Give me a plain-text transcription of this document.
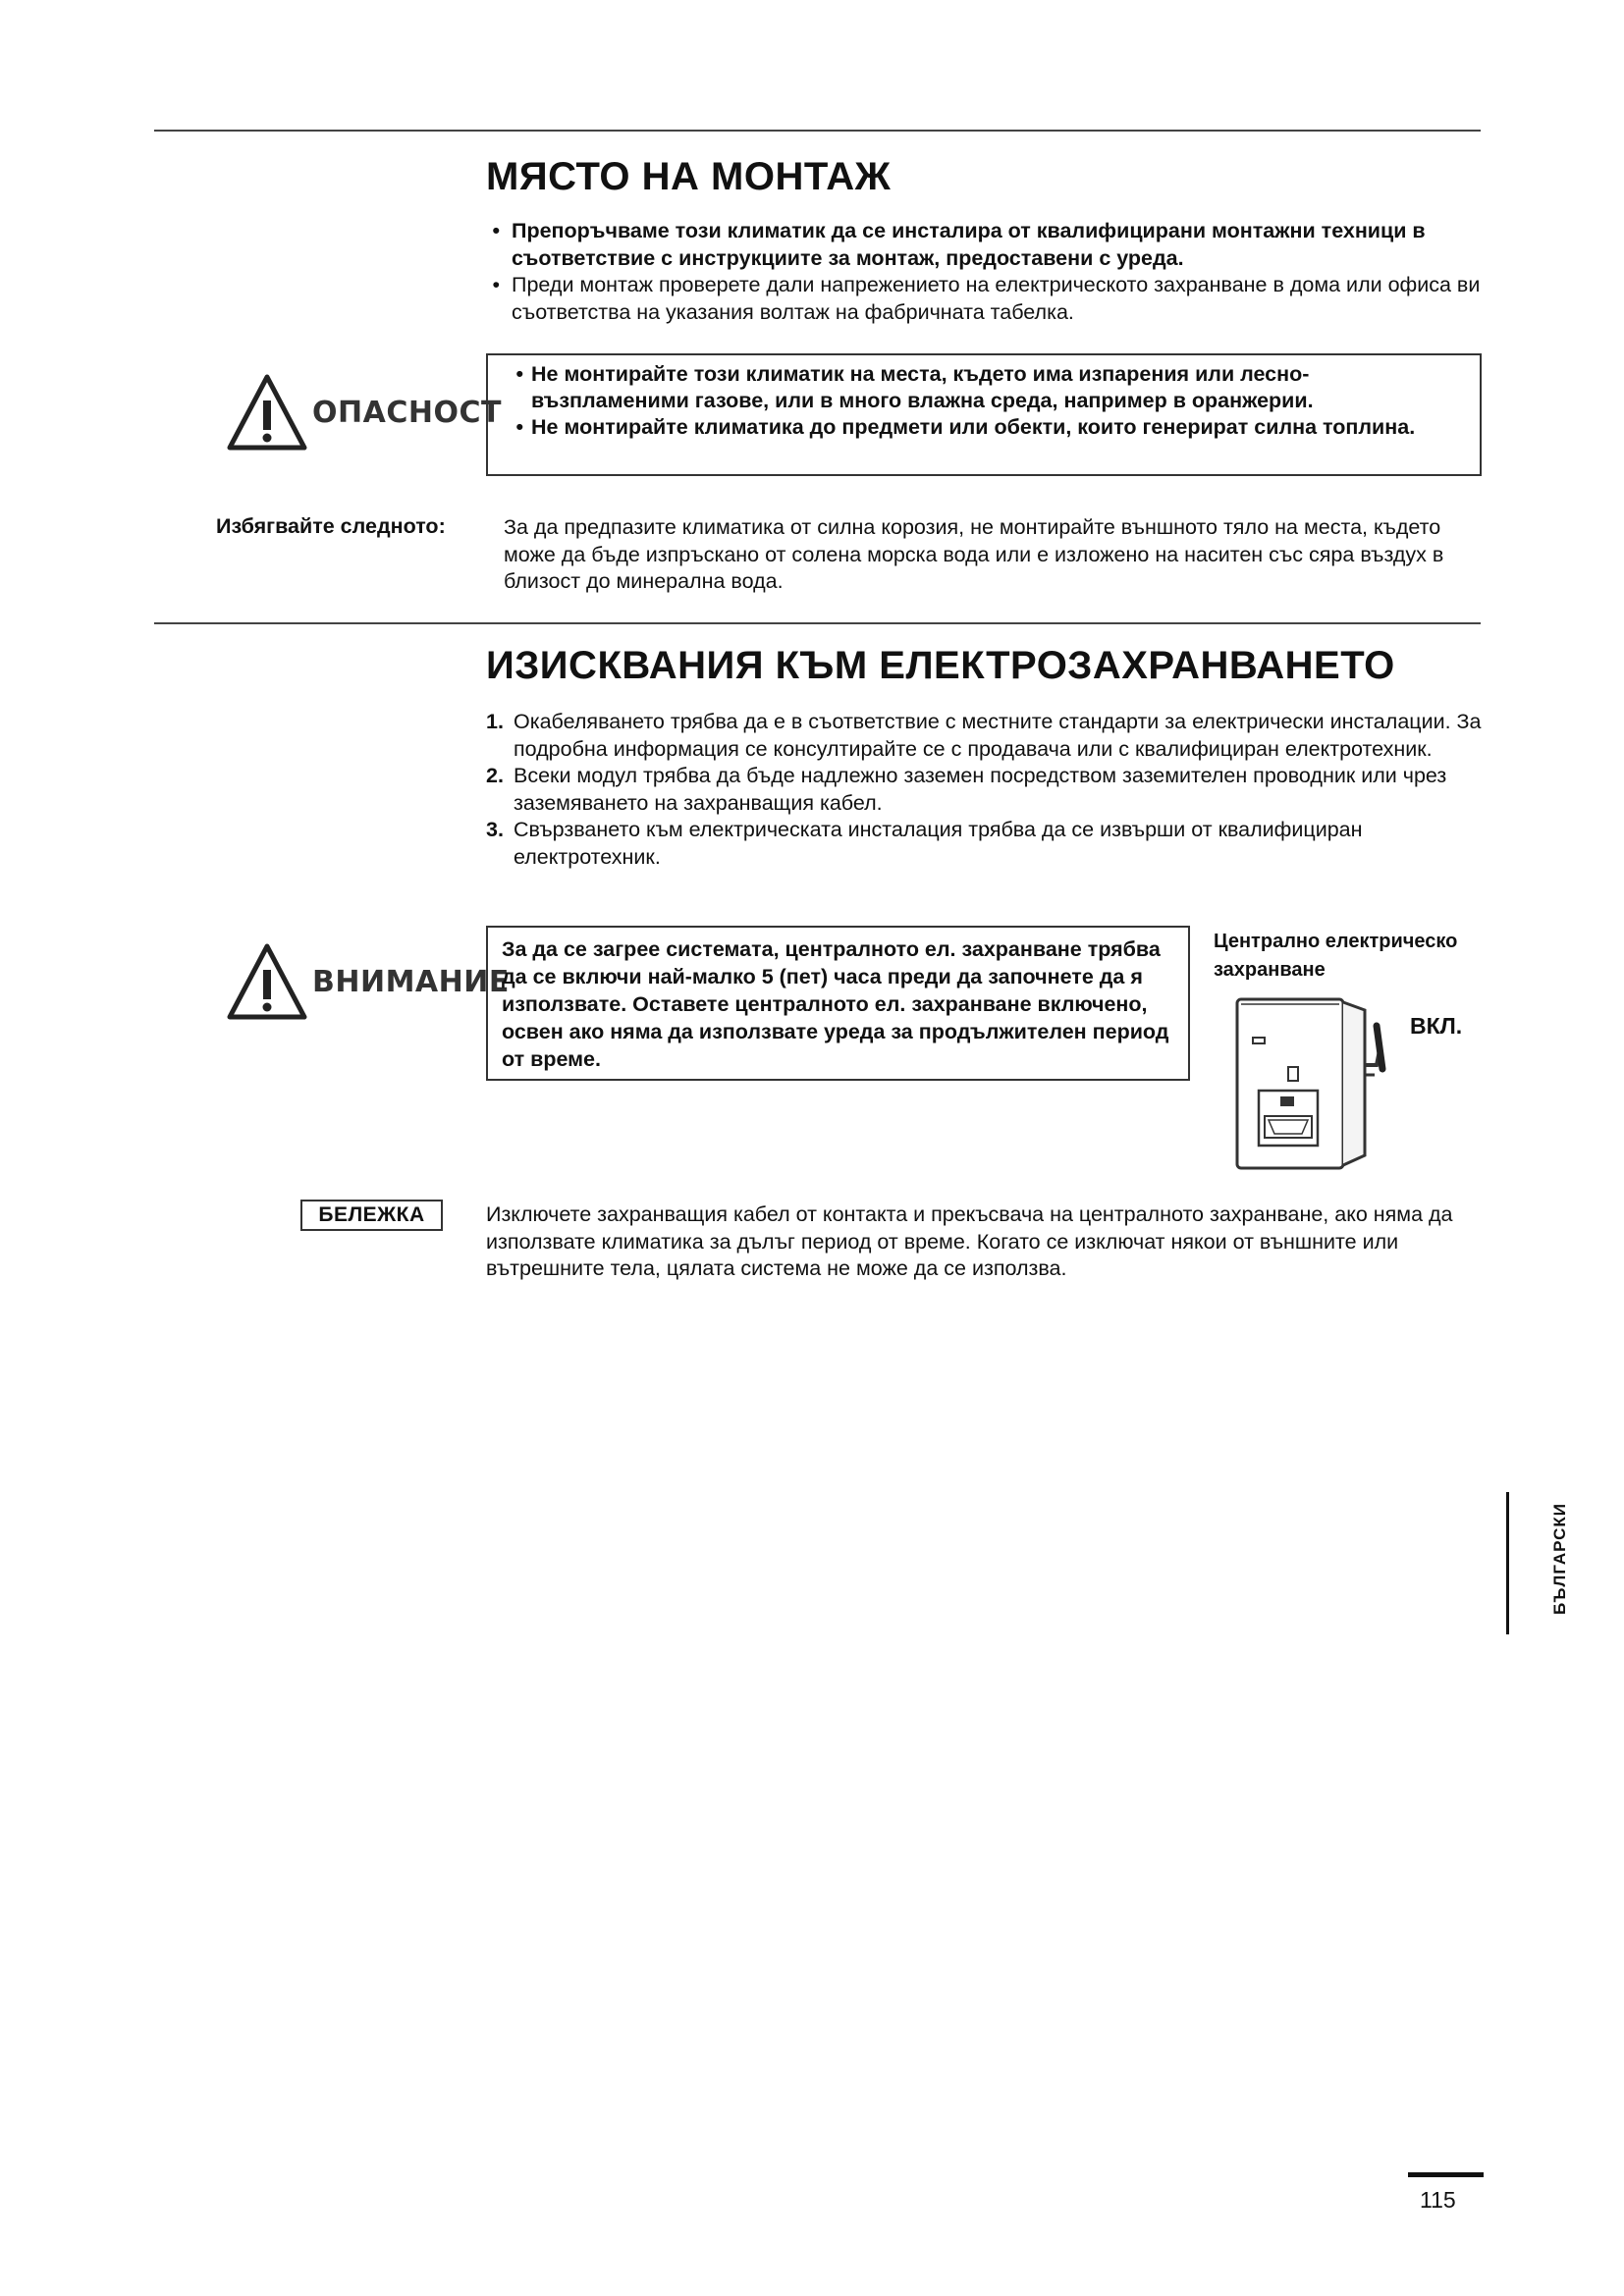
МЯСТО НА МОНТАЖ
• Препоръчваме този климатик да се инсталира от квалифицирани монтажни техници в съответствие с инструкциите за монтаж, предоставени с уреда.
• Преди монтаж проверете дали напрежението на електрическото захранване в дома или офиса ви съответства на указания волтаж на фабричната табелка.
ОПАСНОСТ
• Не монтирайте този климатик на места, където има изпарения или лесно-възпламеними газове, или в много влажна среда, например в оранжерии.
• Не монтирайте климатика до предмети или обекти, които генерират силна топлина.
Избягвайте следното:	За да предпазите климатика от силна корозия, не монтирайте външното тяло на места, където може да бъде изпръскано от солена морска вода или е изложено на наситен със сяра въздух в близост до минерална вода.

ИЗИСКВАНИЯ КЪМ ЕЛЕКТРОЗАХРАНВАНЕТО
1. Окабеляването трябва да е в съответствие с местните стандарти за електрически инсталации. За подробна информация се консултирайте се с продавача или с квалифициран електротехник.
2. Всеки модул трябва да бъде надлежно заземен посредством заземителен проводник или чрез заземяването на захранващия кабел.
3. Свързването към електрическата инсталация трябва да се извърши от квалифициран електротехник.
ВНИМАНИЕ
За да се загрее системата, централното ел. захранване трябва да се включи най-малко 5 (пет) часа преди да започнете да я използвате. Оставете централното ел. захранване включено, освен ако няма да използвате уреда за продължителен период от време.
Централно електрическо
захранване
ВКЛ.
БЕЛЕЖКА	Изключете захранващия кабел от контакта и прекъсвача на централното захранване, ако няма да използвате климатика за дълъг период от време. Когато се изключат някои от външните или вътрешните тела, цялата система не може да се използва.

БЪЛГАРСКИ
115
